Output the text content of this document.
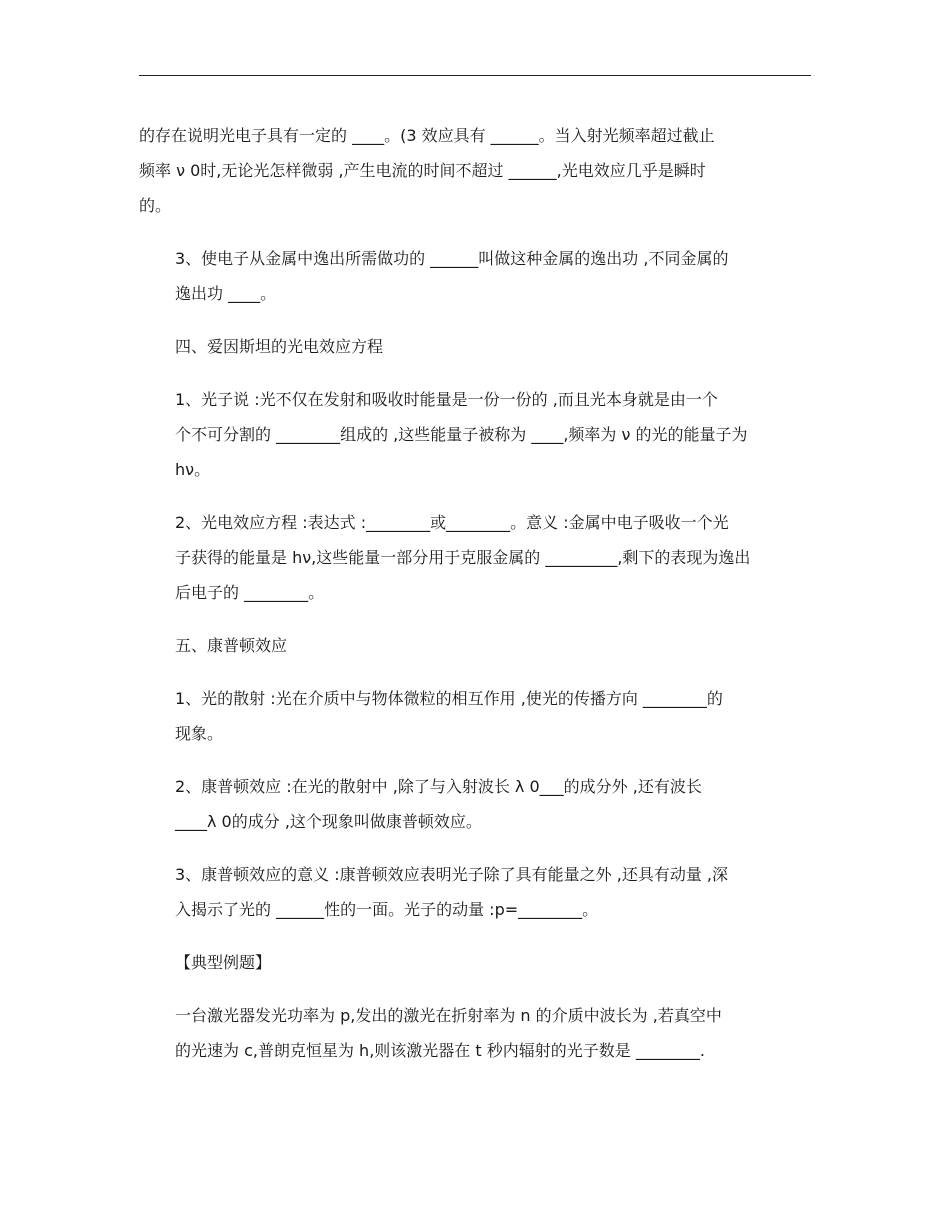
的存在说明光电子具有一定的 ____。(3 效应具有 ______。当入射光频率超过截止
频率 ν 0时,无论光怎样微弱 ,产生电流的时间不超过 ______,光电效应几乎是瞬时
的。
3、使电子从金属中逸出所需做功的 ______叫做这种金属的逸出功 ,不同金属的
逸出功 ____。
四、爱因斯坦的光电效应方程
1、光子说 :光不仅在发射和吸收时能量是一份一份的 ,而且光本身就是由一个
个不可分割的 ________组成的 ,这些能量子被称为 ____,频率为 ν 的光的能量子为
hν。
2、光电效应方程 :表达式 :________或________。意义 :金属中电子吸收一个光
子获得的能量是 hν,这些能量一部分用于克服金属的 _________,剩下的表现为逸出
后电子的 ________。
五、康普顿效应
1、光的散射 :光在介质中与物体微粒的相互作用 ,使光的传播方向 ________的
现象。
2、康普顿效应 :在光的散射中 ,除了与入射波长 λ 0___的成分外 ,还有波长
____λ 0的成分 ,这个现象叫做康普顿效应。
3、康普顿效应的意义 :康普顿效应表明光子除了具有能量之外 ,还具有动量 ,深
入揭示了光的 ______性的一面。光子的动量 :p=________。
【典型例题】
一台激光器发光功率为 p,发出的激光在折射率为 n 的介质中波长为 ,若真空中
的光速为 c,普朗克恒星为 h,则该激光器在 t 秒内辐射的光子数是 ________.
